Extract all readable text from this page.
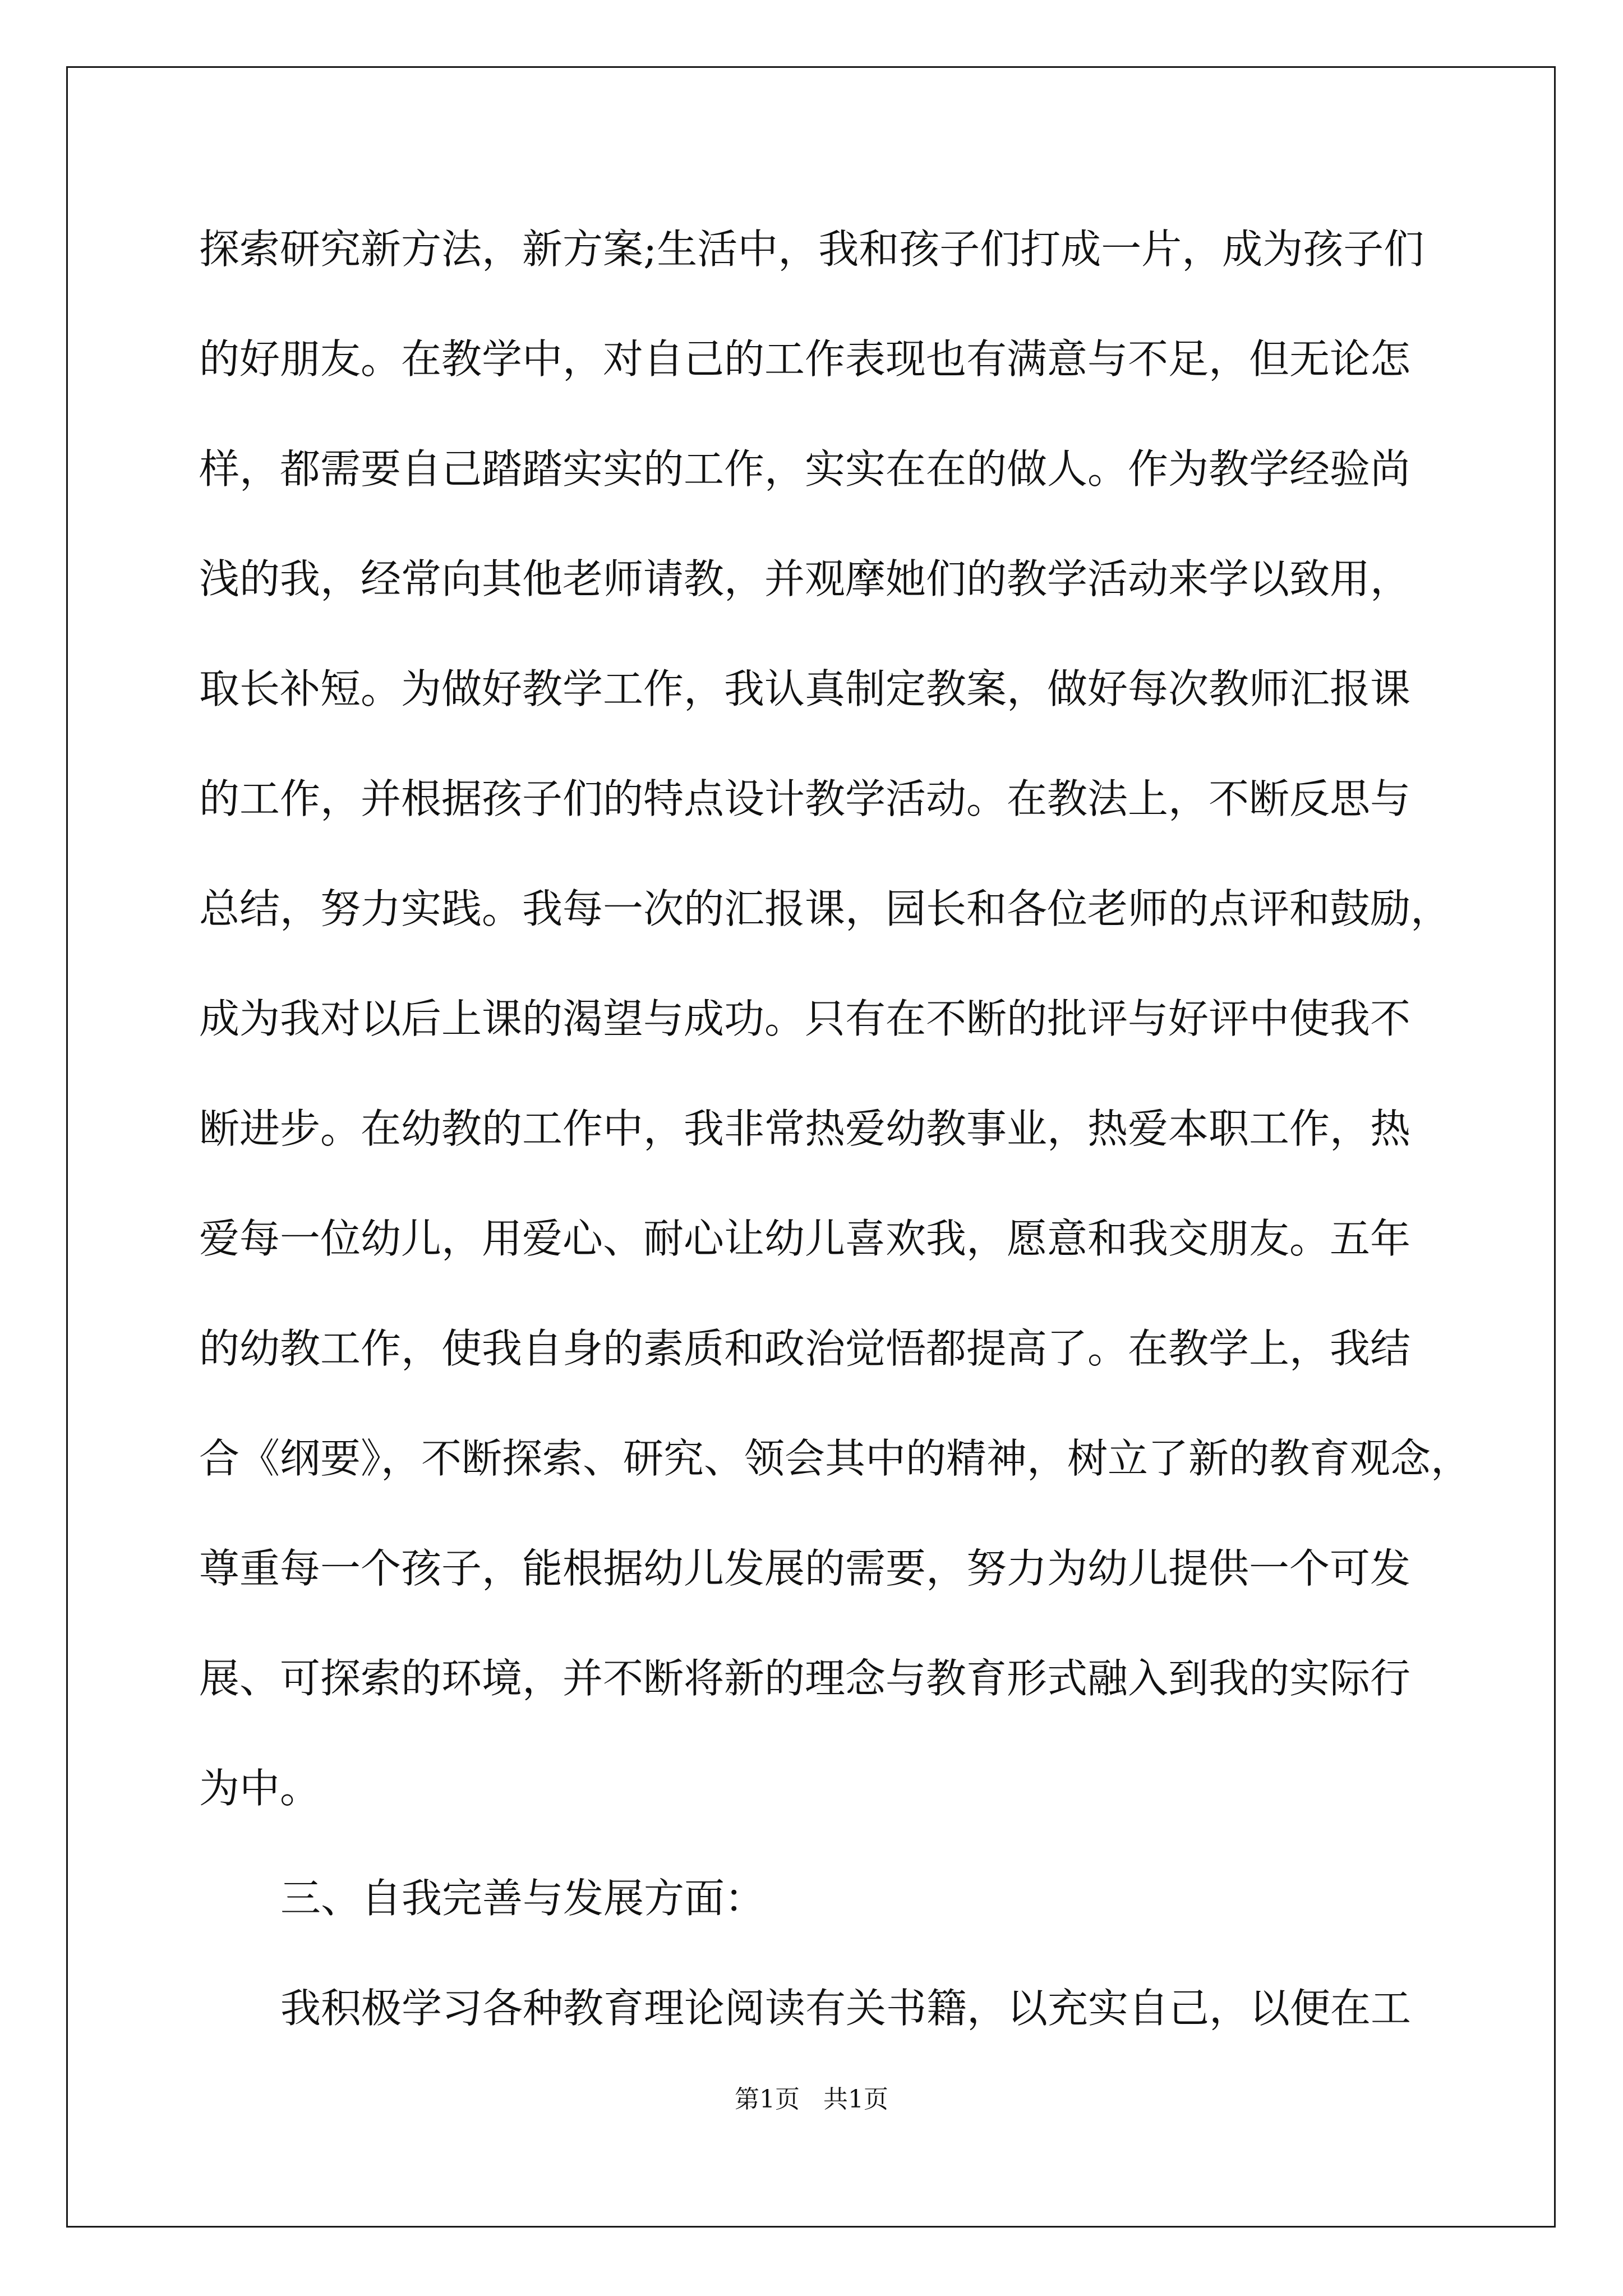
探索研究新方法，新方案;生活中，我和孩子们打成一片，成为孩子们

的好朋友。在教学中，对自己的工作表现也有满意与不足，但无论怎

样，都需要自己踏踏实实的工作，实实在在的做人。作为教学经验尚

浅的我，经常向其他老师请教，并观摩她们的教学活动来学以致用，

取长补短。为做好教学工作，我认真制定教案，做好每次教师汇报课

的工作，并根据孩子们的特点设计教学活动。在教法上，不断反思与

总结，努力实践。我每一次的汇报课，园长和各位老师的点评和鼓励，

成为我对以后上课的渴望与成功。只有在不断的批评与好评中使我不

断进步。在幼教的工作中，我非常热爱幼教事业，热爱本职工作，热

爱每一位幼儿，用爱心、耐心让幼儿喜欢我，愿意和我交朋友。五年

的幼教工作，使我自身的素质和政治觉悟都提高了。在教学上，我结

合《纲要》，不断探索、研究、领会其中的精神，树立了新的教育观念，

尊重每一个孩子，能根据幼儿发展的需要，努力为幼儿提供一个可发

展、可探索的环境，并不断将新的理念与教育形式融入到我的实际行

为中。

三、自我完善与发展方面：

我积极学习各种教育理论阅读有关书籍，以充实自己，以便在工

第1页   共1页
